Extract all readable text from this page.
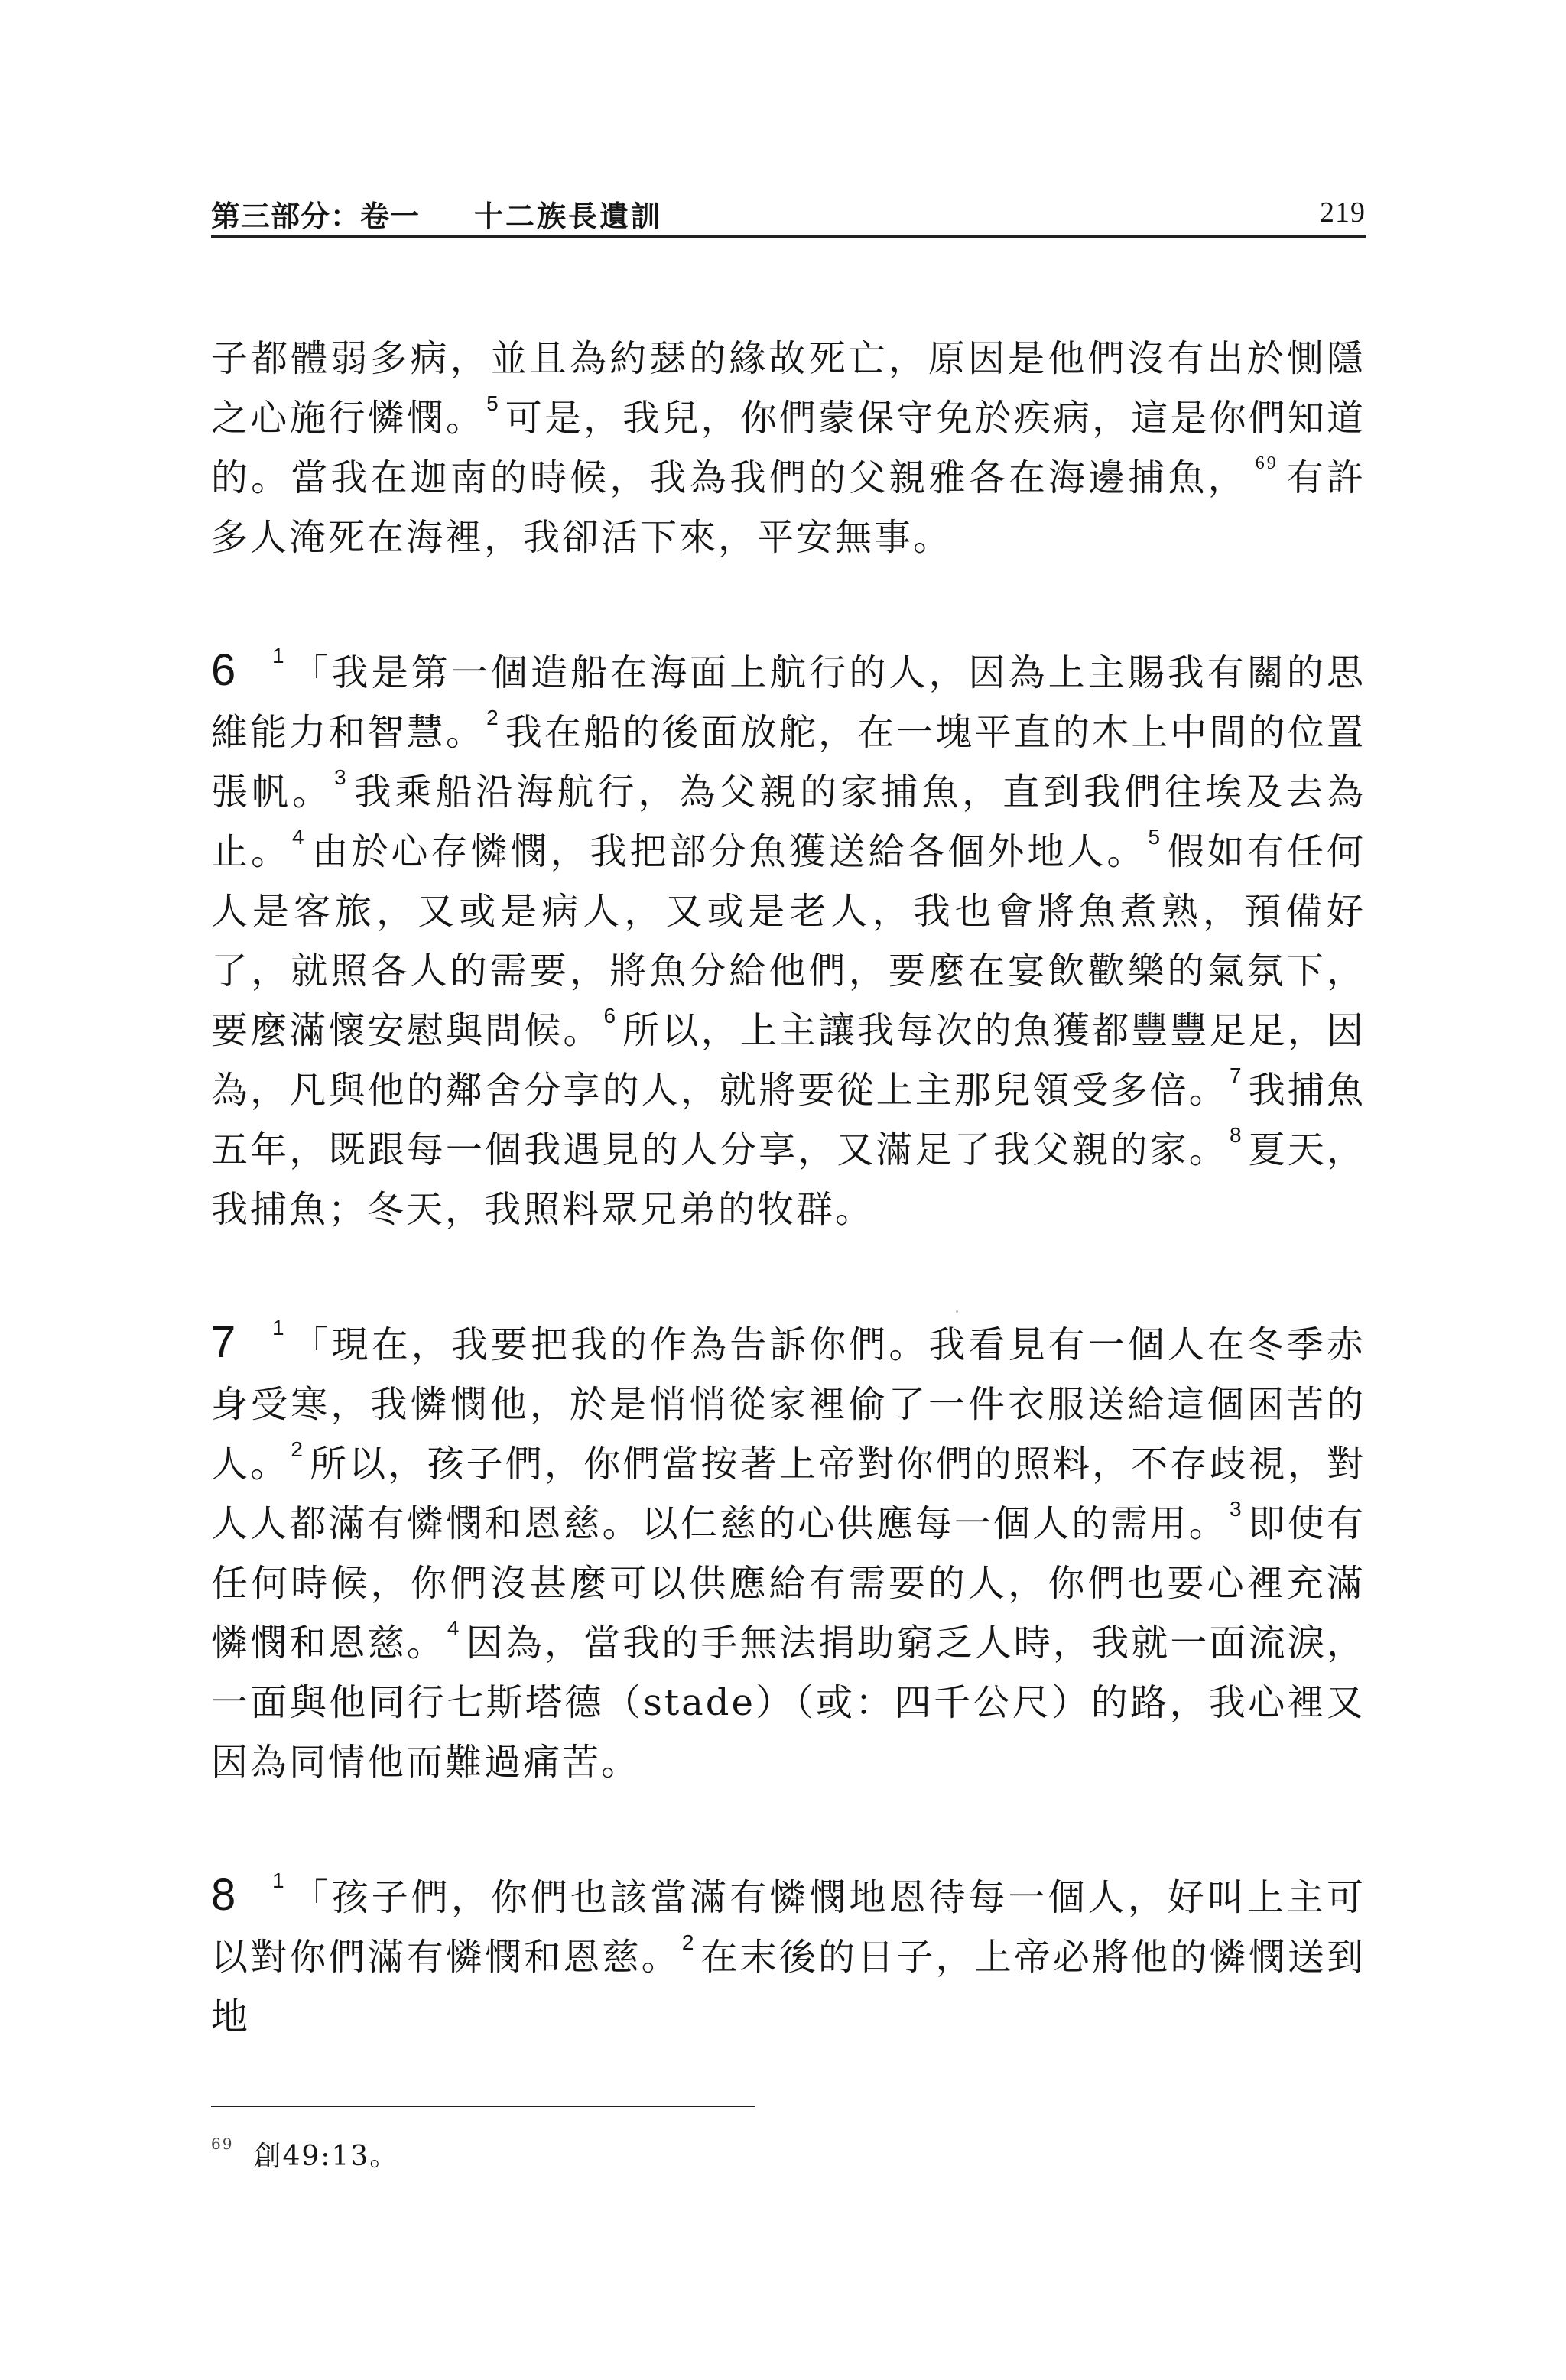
第三部分：卷一 十二族長遺訓	219

子都體弱多病，並且為約瑟的緣故死亡，原因是他們沒有出於惻隱之心施行憐憫。$^5$ 可是，我兒，你們蒙保守免於疾病，這是你們知道的。當我在迦南的時候，我為我們的父親雅各在海邊捕魚， $^{69}$ 有許多人淹死在海裡，我卻活下來，平安無事。

6 $^1$ 「我是第一個造船在海面上航行的人，因為上主賜我有關的思維能力和智慧。$^2$ 我在船的後面放舵，在一塊平直的木上中間的位置張帆。$^3$ 我乘船沿海航行，為父親的家捕魚，直到我們往埃及去為止。$^4$ 由於心存憐憫，我把部分魚獲送給各個外地人。$^5$ 假如有任何人是客旅，又或是病人，又或是老人，我也會將魚煮熟，預備好了，就照各人的需要，將魚分給他們，要麼在宴飲歡樂的氣氛下，要麼滿懷安慰與問候。$^6$ 所以，上主讓我每次的魚獲都豐豐足足，因為，凡與他的鄰舍分享的人，就將要從上主那兒領受多倍。$^7$ 我捕魚五年，既跟每一個我遇見的人分享，又滿足了我父親的家。$^8$ 夏天，我捕魚；冬天，我照料眾兄弟的牧群。

7 $^1$ 「現在，我要把我的作為告訴你們。我看見有一個人在冬季赤身受寒，我憐憫他，於是悄悄從家裡偷了一件衣服送給這個困苦的人。$^2$ 所以，孩子們，你們當按著上帝對你們的照料，不存歧視，對人人都滿有憐憫和恩慈。以仁慈的心供應每一個人的需用。$^3$ 即使有任何時候，你們沒甚麼可以供應給有需要的人，你們也要心裡充滿憐憫和恩慈。$^4$ 因為，當我的手無法捐助窮乏人時，我就一面流淚，一面與他同行七斯塔德（stade）（或：四千公尺）的路，我心裡又因為同情他而難過痛苦。

8 $^1$ 「孩子們，你們也該當滿有憐憫地恩待每一個人，好叫上主可以對你們滿有憐憫和恩慈。$^2$ 在末後的日子，上帝必將他的憐憫送到地

$^{69}$ 創49:13。
